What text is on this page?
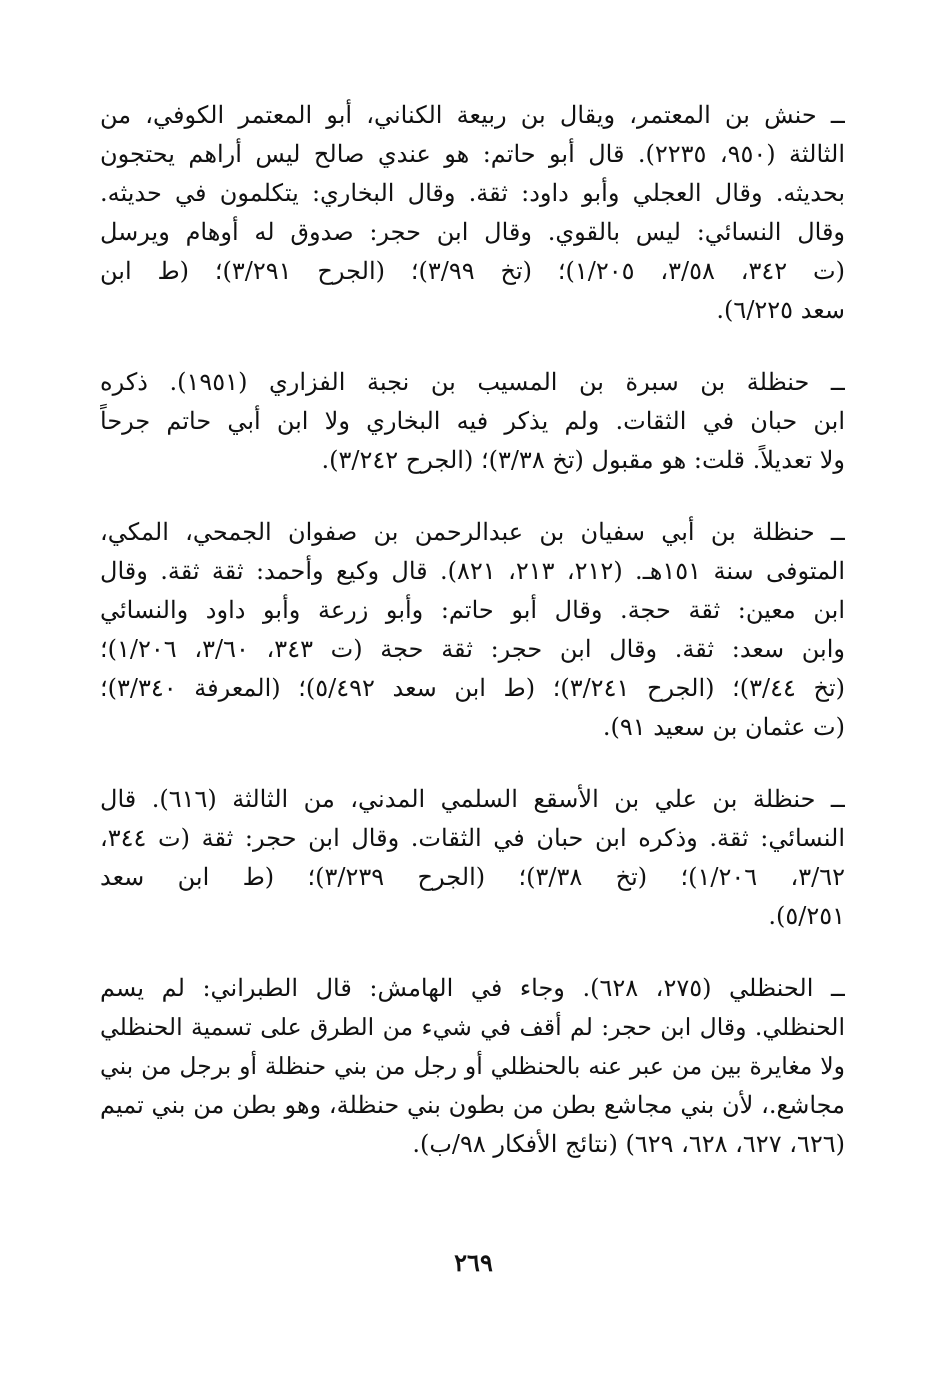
ــ حنش بن المعتمر، ويقال بن ربيعة الكناني، أبو المعتمر الكوفي، من
الثالثة (٩٥٠، ٢٢٣٥). قال أبو حاتم: هو عندي صالح ليس أراهم يحتجون
بحديثه. وقال العجلي وأبو داود: ثقة. وقال البخاري: يتكلمون في حديثه.
وقال النسائي: ليس بالقوي. وقال ابن حجر: صدوق له أوهام ويرسل
(ت ٣٤٢، ٣/٥٨، ١/٢٠٥)؛ (تخ ٣/٩٩)؛ (الجرح ٣/٢٩١)؛ (ط ابن
سعد ٦/٢٢٥).
ــ حنظلة بن سبرة بن المسيب بن نجبة الفزاري (١٩٥١). ذكره
ابن حبان في الثقات. ولم يذكر فيه البخاري ولا ابن أبي حاتم جرحاً
ولا تعديلاً. قلت: هو مقبول (تخ ٣/٣٨)؛ (الجرح ٣/٢٤٢).
ــ حنظلة بن أبي سفيان بن عبدالرحمن بن صفوان الجمحي، المكي،
المتوفى سنة ١٥١هـ. (٢١٢، ٢١٣، ٨٢١). قال وكيع وأحمد: ثقة ثقة. وقال
ابن معين: ثقة حجة. وقال أبو حاتم: وأبو زرعة وأبو داود والنسائي
وابن سعد: ثقة. وقال ابن حجر: ثقة حجة (ت ٣٤٣، ٣/٦٠، ١/٢٠٦)؛
(تخ ٣/٤٤)؛ (الجرح ٣/٢٤١)؛ (ط ابن سعد ٥/٤٩٢)؛ (المعرفة ٣/٣٤٠)؛
(ت عثمان بن سعيد ٩١).
ــ حنظلة بن علي بن الأسقع السلمي المدني، من الثالثة (٦١٦). قال
النسائي: ثقة. وذكره ابن حبان في الثقات. وقال ابن حجر: ثقة (ت ٣٤٤،
٣/٦٢، ١/٢٠٦)؛ (تخ ٣/٣٨)؛ (الجرح ٣/٢٣٩)؛ (ط ابن سعد
٥/٢٥١).
ــ الحنظلي (٢٧٥، ٦٢٨). وجاء في الهامش: قال الطبراني: لم يسم
الحنظلي. وقال ابن حجر: لم أقف في شيء من الطرق على تسمية الحنظلي
ولا مغايرة بين من عبر عنه بالحنظلي أو رجل من بني حنظلة أو برجل من بني
مجاشع.، لأن بني مجاشع بطن من بطون بني حنظلة، وهو بطن من بني تميم
(٦٢٦، ٦٢٧، ٦٢٨، ٦٢٩) (نتائج الأفكار ٩٨/ب).
٢٦٩
